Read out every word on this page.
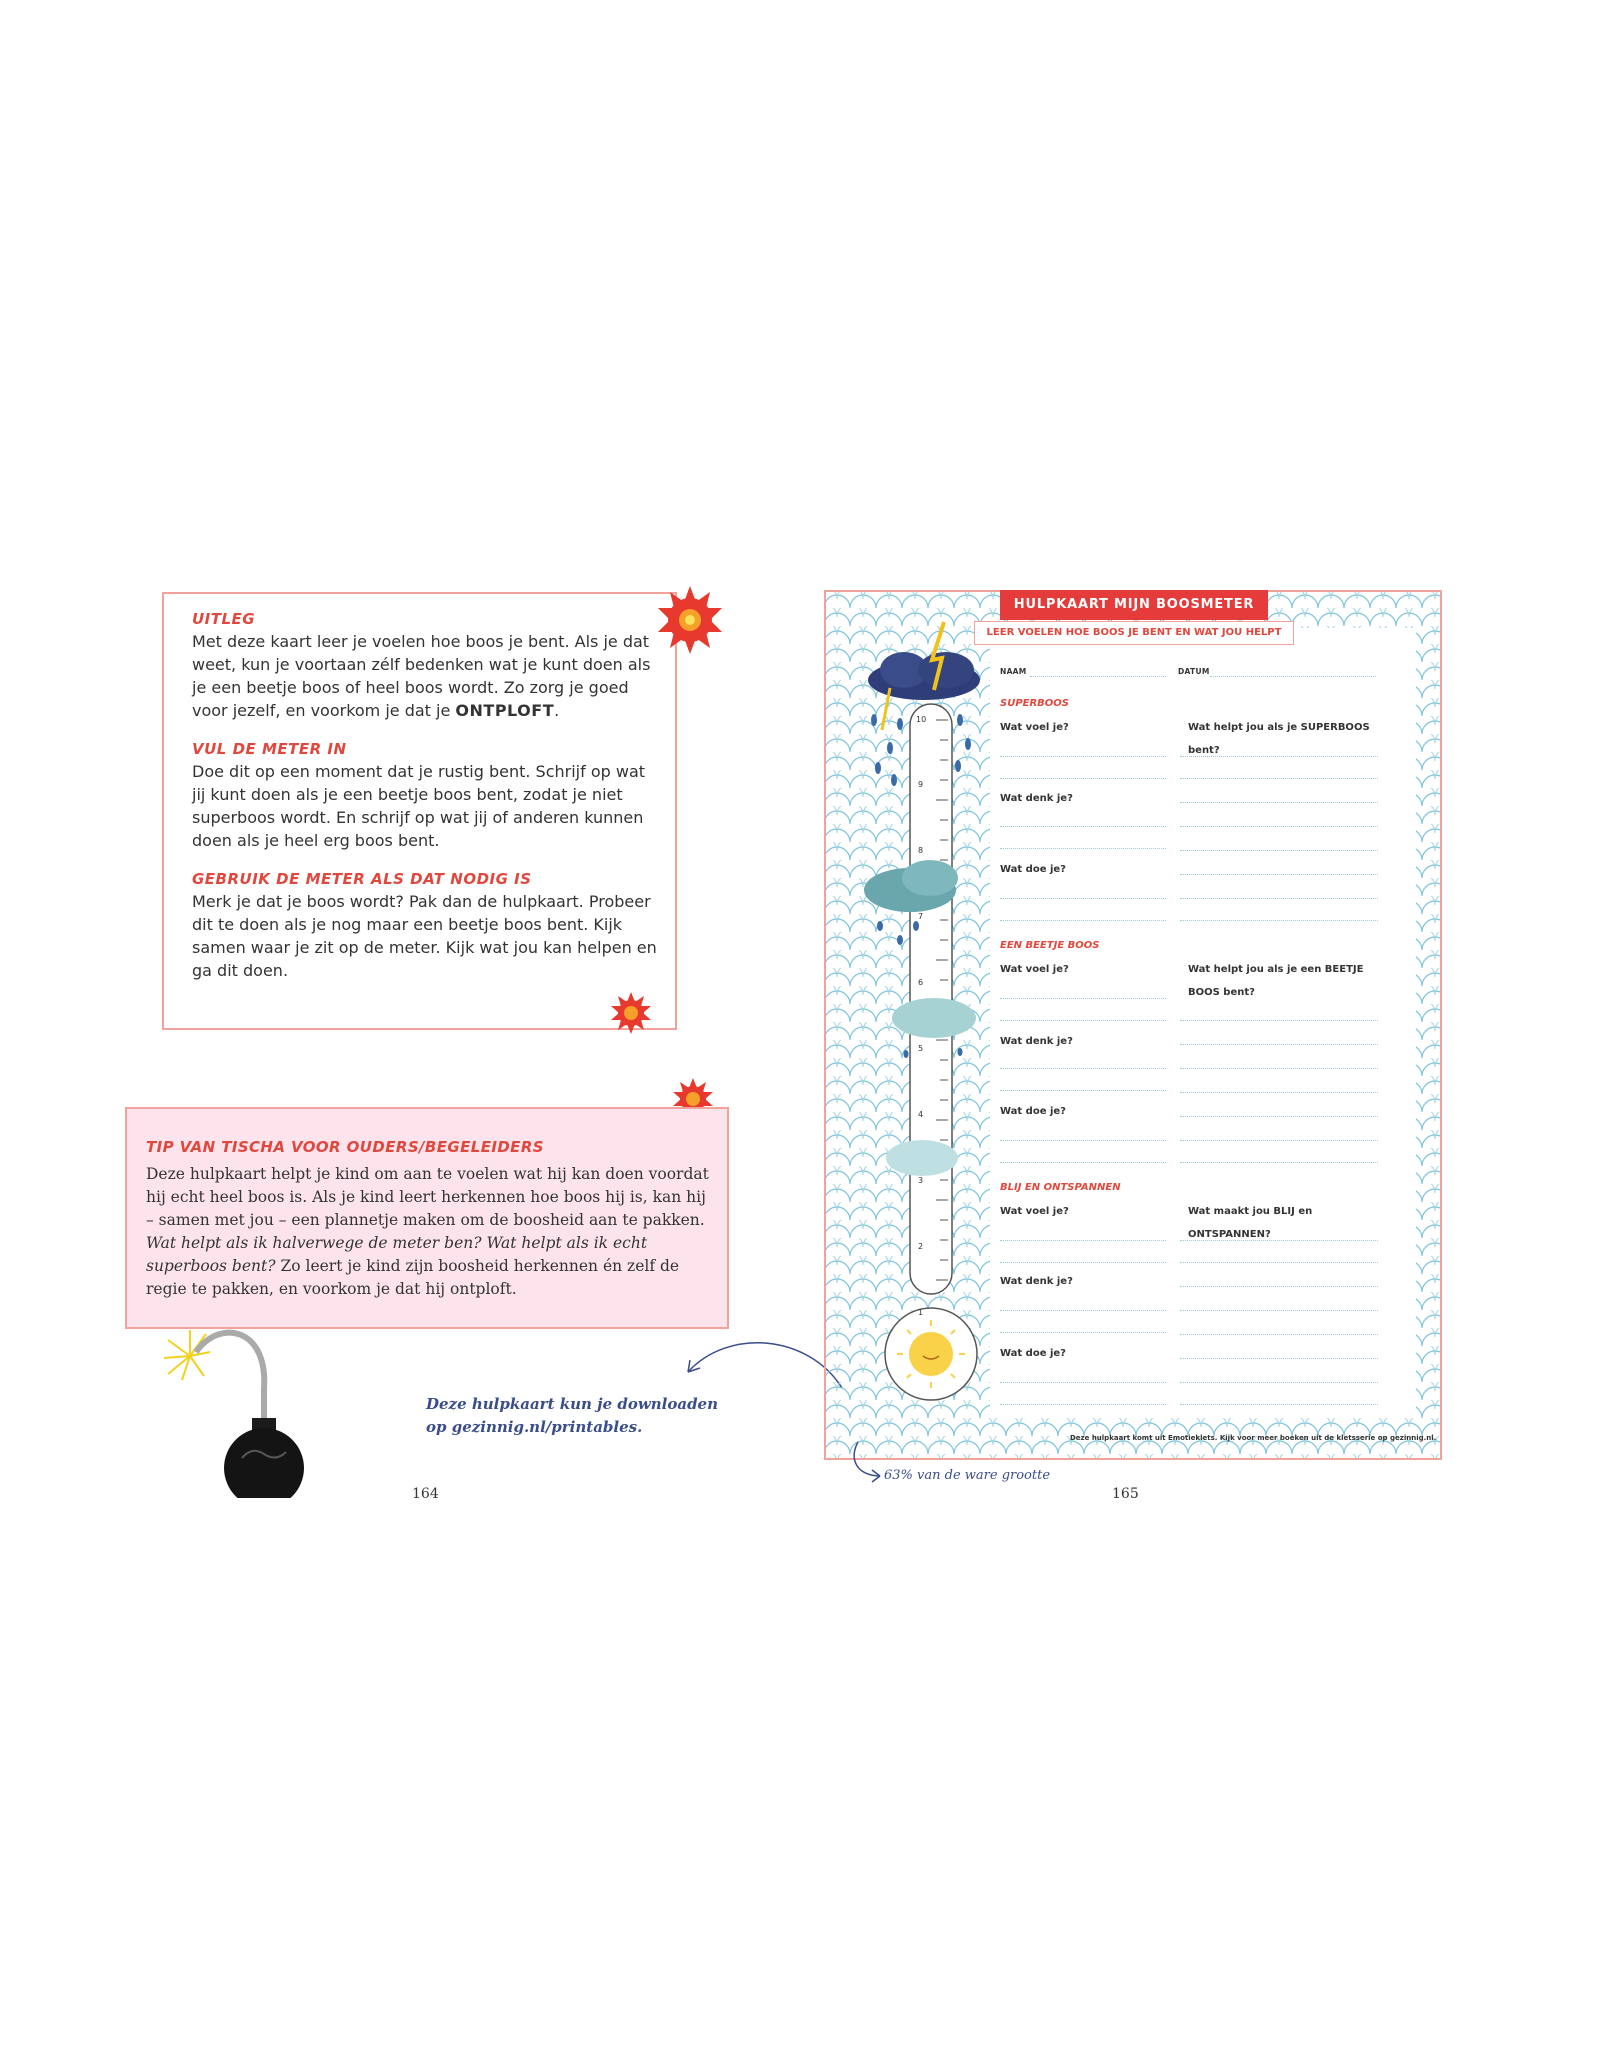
UITLEG

Met deze kaart leer je voelen hoe boos je bent. Als je dat weet, kun je voortaan zélf bedenken wat je kunt doen als je een beetje boos of heel boos wordt. Zo zorg je goed voor jezelf, en voorkom je dat je ONTPLOFT.

VUL DE METER IN

Doe dit op een moment dat je rustig bent. Schrijf op wat jij kunt doen als je een beetje boos bent, zodat je niet superboos wordt. En schrijf op wat jij of anderen kunnen doen als je heel erg boos bent.

GEBRUIK DE METER ALS DAT NODIG IS

Merk je dat je boos wordt? Pak dan de hulpkaart. Probeer dit te doen als je nog maar een beetje boos bent. Kijk samen waar je zit op de meter. Kijk wat jou kan helpen en ga dit doen.

TIP VAN TISCHA VOOR OUDERS/BEGELEIDERS
Deze hulpkaart helpt je kind om aan te voelen wat hij kan doen voordat hij echt heel boos is. Als je kind leert herkennen hoe boos hij is, kan hij – samen met jou – een plannetje maken om de boosheid aan te pakken. Wat helpt als ik halverwege de meter ben? Wat helpt als ik echt superboos bent? Zo leert je kind zijn boosheid herkennen én zelf de regie te pakken, en voorkom je dat hij ontploft.
Deze hulpkaart kun je downloaden op gezinnig.nl/printables.
164
HULPKAART MIJN BOOSMETER
LEER VOELEN HOE BOOS JE BENT EN WAT JOU HELPT
10
9
8
7
6
5
4
3
2
1
NAAM	DATUM
SUPERBOOS
Wat voel je?	Wat helpt jou als je SUPERBOOS bent?
Wat denk je?
Wat doe je?
EEN BEETJE BOOS
Wat voel je?	Wat helpt jou als je een BEETJE BOOS bent?
Wat denk je?
Wat doe je?
BLIJ EN ONTSPANNEN
Wat voel je?	Wat maakt jou BLIJ en ONTSPANNEN?
Wat denk je?
Wat doe je?
Deze hulpkaart komt uit Emotieklets. Kijk voor meer boeken uit de kletsserie op gezinnig.nl.
63% van de ware grootte
165
